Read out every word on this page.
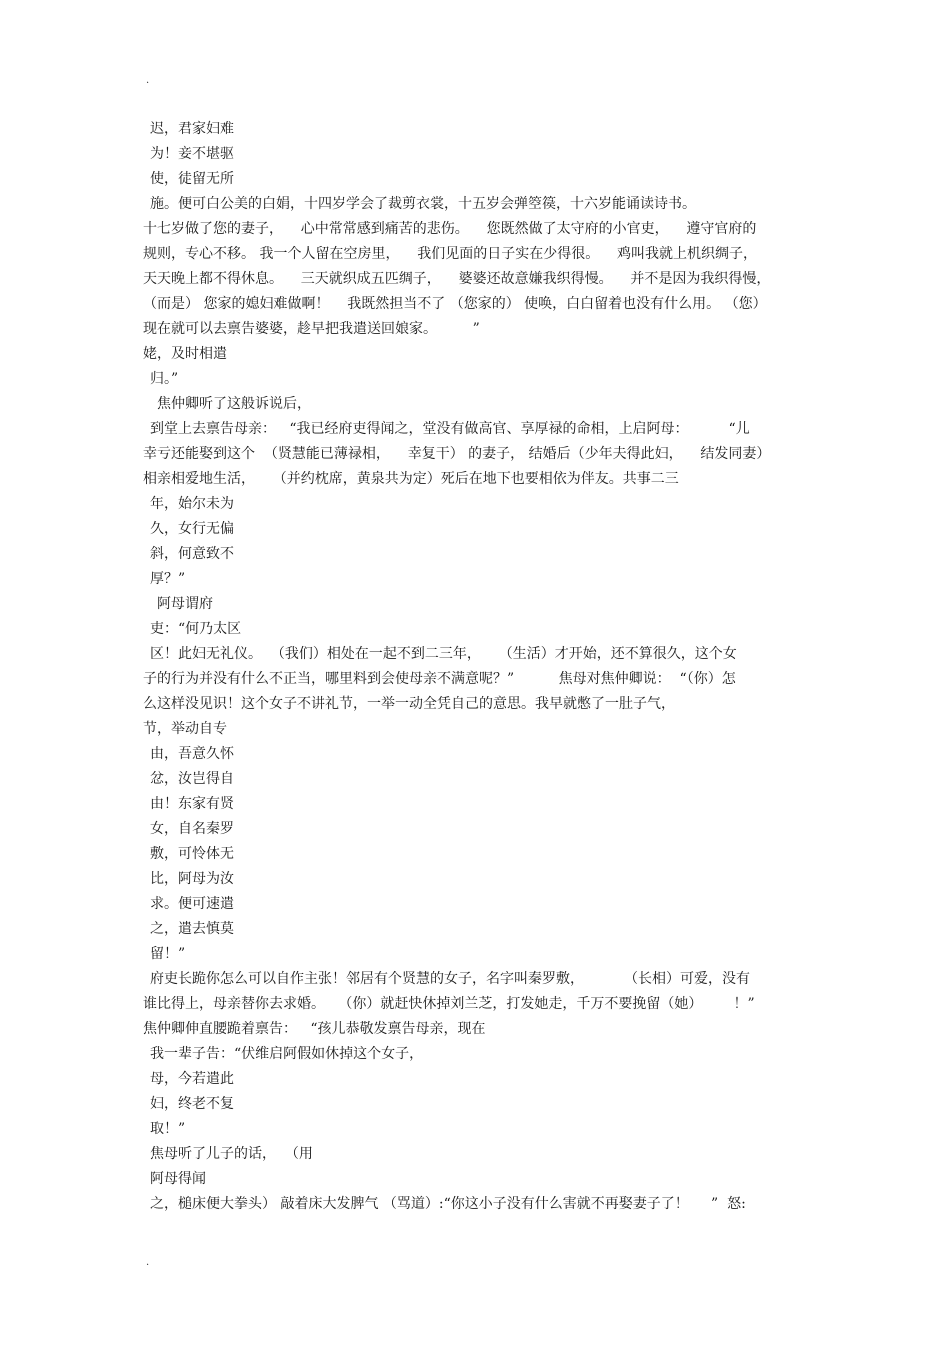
.
迟，君家妇难
为！妾不堪驱
使，徒留无所
施。便可白公美的白娟，十四岁学会了裁剪衣裳，十五岁会弹箜篌，十六岁能诵读诗书。
十七岁做了您的妻子，    心中常常感到痛苦的悲伤。    您既然做了太守府的小官吏，    遵守官府的
规则，专心不移。 我一个人留在空房里，    我们见面的日子实在少得很。    鸡叫我就上机织绸子，
天天晚上都不得休息。    三天就织成五匹绸子，    婆婆还故意嫌我织得慢。    并不是因为我织得慢，
（而是） 您家的媳妇难做啊！    我既然担当不了 （您家的） 使唤，白白留着也没有什么用。 （您）
现在就可以去禀告婆婆，趁早把我遣送回娘家。        ”
姥，及时相遣
归。”
焦仲卿听了这般诉说后，
到堂上去禀告母亲：   “我已经府吏得闻之，堂没有做高官、享厚禄的命相，上启阿母：         “儿
幸亏还能娶到这个  （贤慧能已薄禄相，    幸复干） 的妻子， 结婚后（少年夫得此妇，    结发同妻）
相亲相爱地生活，    （并约枕席，黄泉共为定）死后在地下也要相依为伴友。共事二三
年，始尔未为
久，女行无偏
斜，何意致不
厚？”
阿母谓府
吏：“何乃太区
区！此妇无礼仪。  （我们）相处在一起不到二三年，    （生活）才开始，还不算很久，这个女
子的行为并没有什么不正当，哪里料到会使母亲不满意呢？”          焦母对焦仲卿说：  “（你）怎
么这样没见识！这个女子不讲礼节，一举一动全凭自己的意思。我早就憋了一肚子气，
节，举动自专
由，吾意久怀
忿，汝岂得自
由！东家有贤
女，自名秦罗
敷，可怜体无
比，阿母为汝
求。便可速遣
之，遣去慎莫
留！”
府吏长跪你怎么可以自作主张！邻居有个贤慧的女子，名字叫秦罗敷，         （长相）可爱，没有
谁比得上，母亲替你去求婚。   （你）就赶快休掉刘兰芝，打发她走，千万不要挽留（她）       ！”
焦仲卿伸直腰跪着禀告：   “孩儿恭敬发禀告母亲，现在
我一辈子告：“伏维启阿假如休掉这个女子，
母，今若遣此
妇，终老不复
取！”
焦母听了儿子的话，  （用
阿母得闻
之，槌床便大拳头） 敲着床大发脾气 （骂道）:“你这小子没有什么害就不再娶妻子了！     ”  怒:
.
